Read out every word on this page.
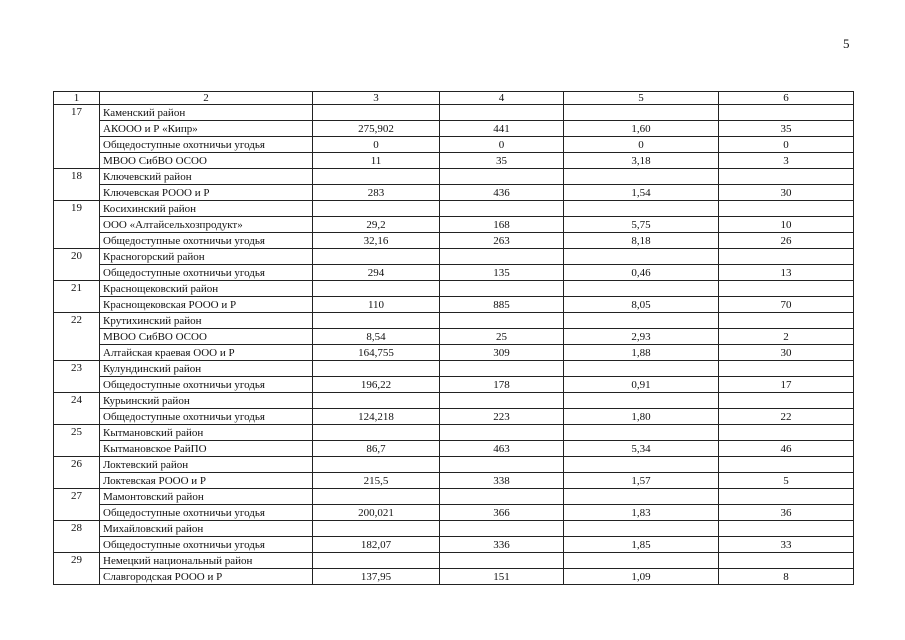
5
1	2	3	4	5	6
17	Каменский район				
	АКООО и Р «Кипр»	275,902	441	1,60	35
	Общедоступные охотничьи угодья	0	0	0	0
	МВОО СибВО ОСОО	11	35	3,18	3
18	Ключевский район				
	Ключевская РООО и Р	283	436	1,54	30
19	Косихинский район				
	ООО «Алтайсельхозпродукт»	29,2	168	5,75	10
	Общедоступные охотничьи угодья	32,16	263	8,18	26
20	Красногорский район				
	Общедоступные охотничьи угодья	294	135	0,46	13
21	Краснощековский район				
	Краснощековская РООО и Р	110	885	8,05	70
22	Крутихинский район				
	МВОО СибВО ОСОО	8,54	25	2,93	2
	Алтайская краевая ООО и Р	164,755	309	1,88	30
23	Кулундинский район				
	Общедоступные охотничьи угодья	196,22	178	0,91	17
24	Курьинский район				
	Общедоступные охотничьи угодья	124,218	223	1,80	22
25	Кытмановский район				
	Кытмановское РайПО	86,7	463	5,34	46
26	Локтевский район				
	Локтевская РООО и Р	215,5	338	1,57	5
27	Мамонтовский район				
	Общедоступные охотничьи угодья	200,021	366	1,83	36
28	Михайловский район				
	Общедоступные охотничьи угодья	182,07	336	1,85	33
29	Немецкий национальный район				
	Славгородская РООО и Р	137,95	151	1,09	8
